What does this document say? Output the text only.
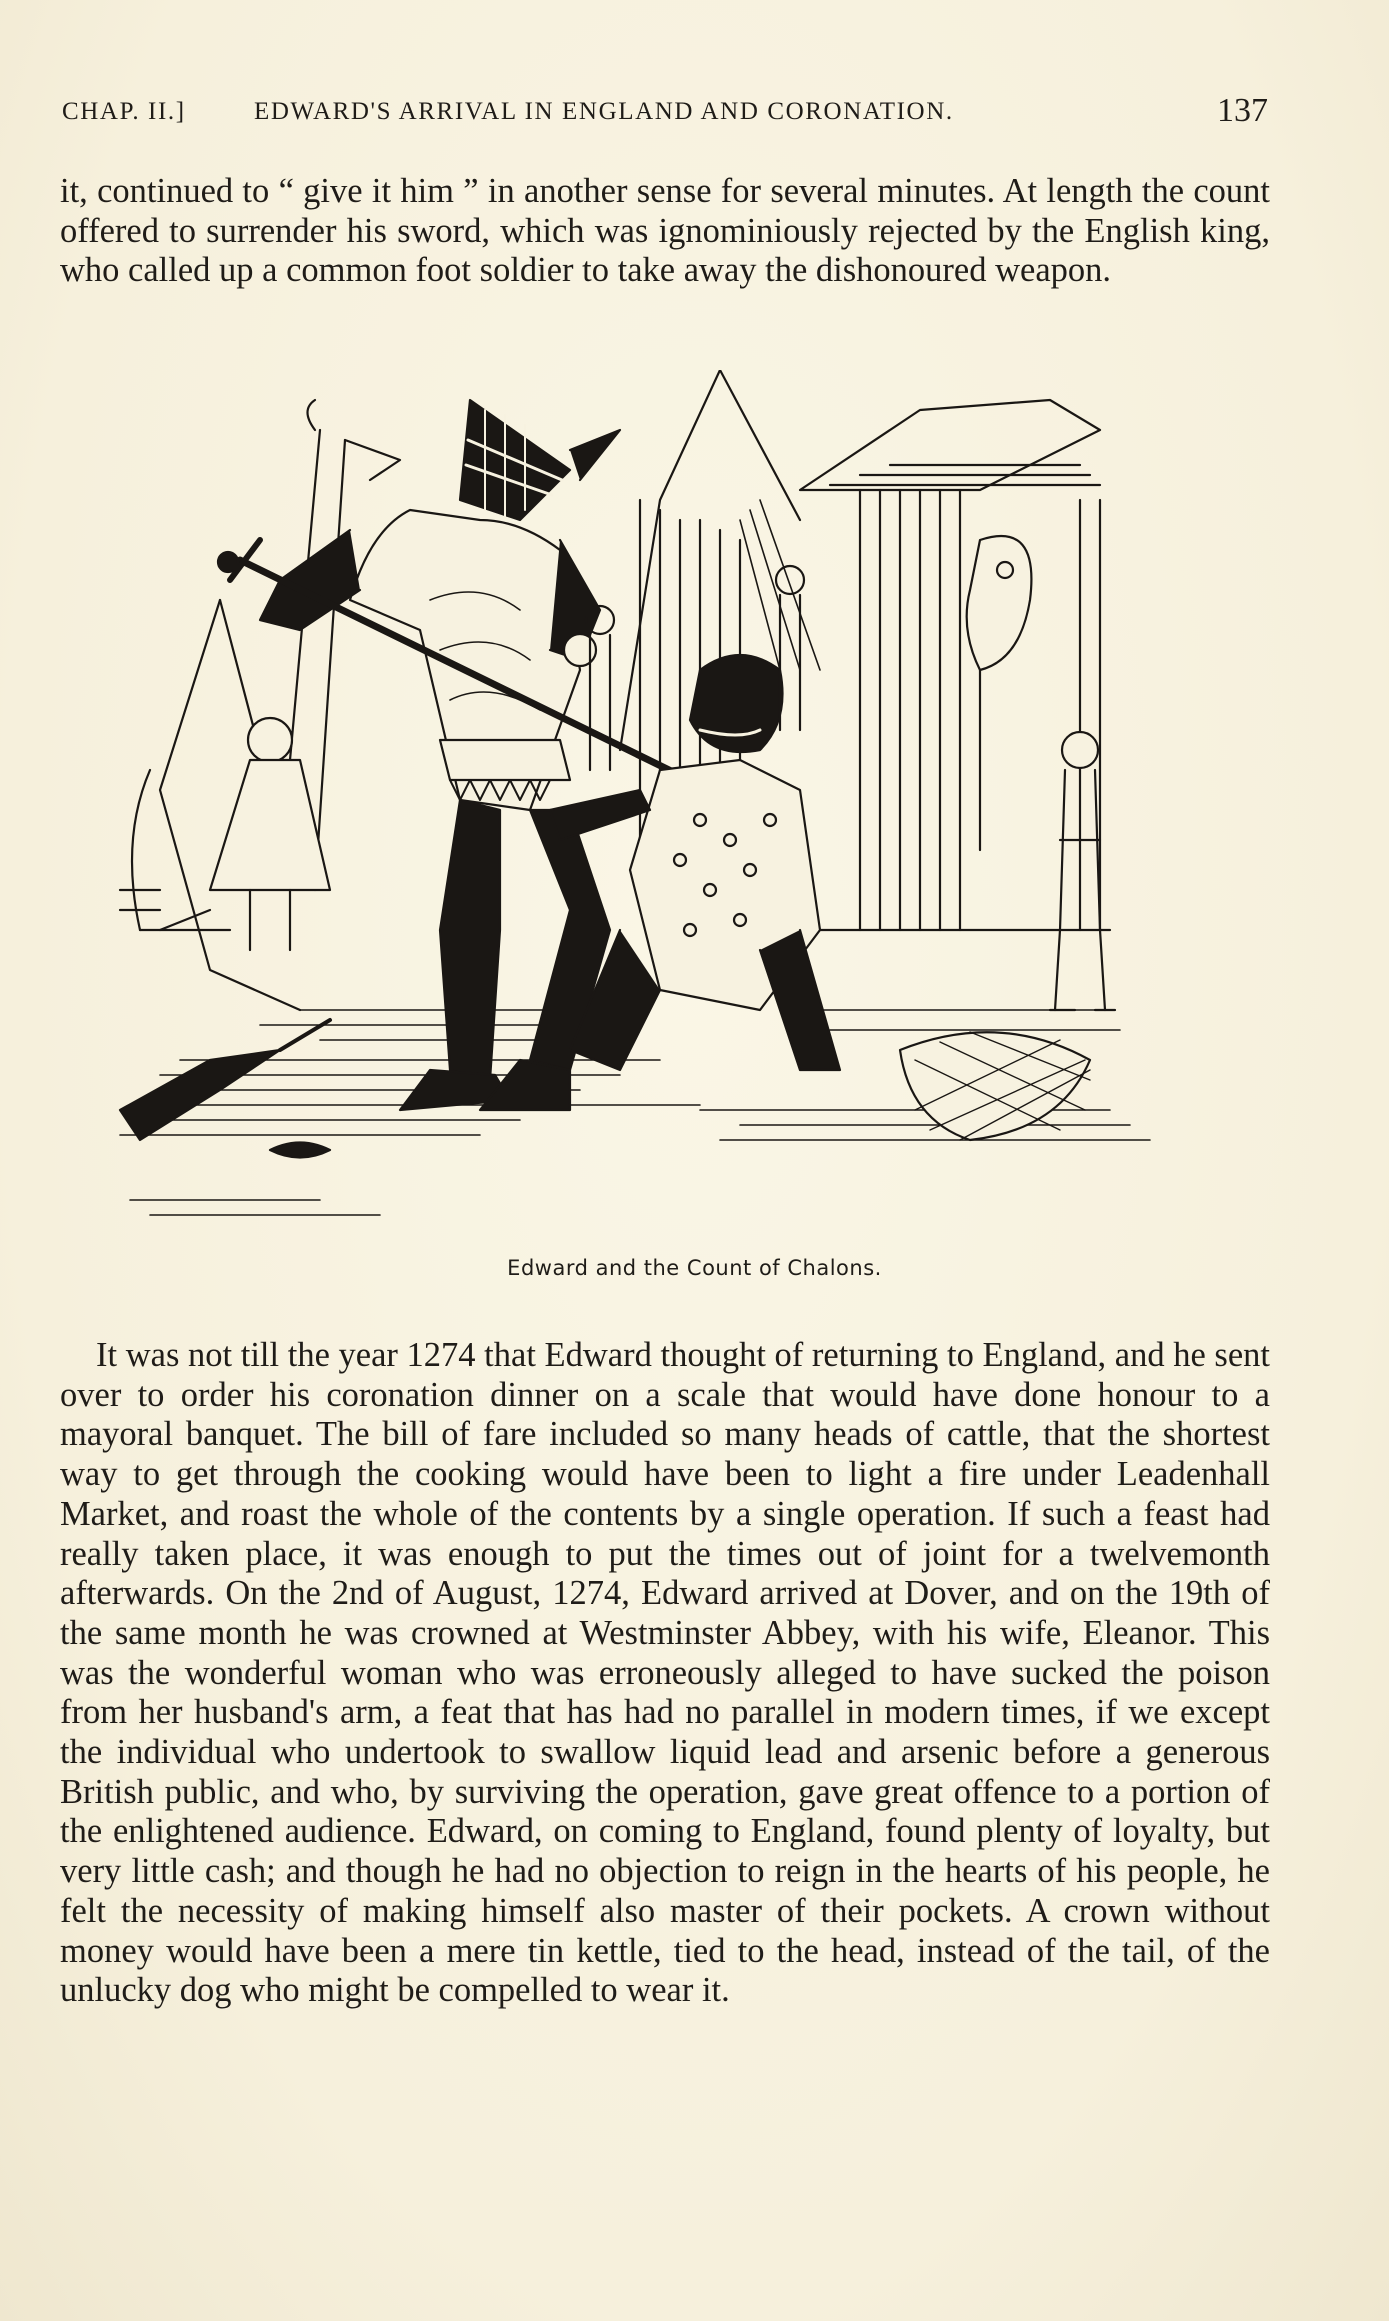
CHAP. II.]	EDWARD'S ARRIVAL IN ENGLAND AND CORONATION.	137

it, continued to “ give it him ” in another sense for several minutes. At length the count offered to surrender his sword, which was ignominiously rejected by the English king, who called up a common foot soldier to take away the dishonoured weapon.

Edward and the Count of Chalons.

It was not till the year 1274 that Edward thought of returning to England, and he sent over to order his coronation dinner on a scale that would have done honour to a mayoral banquet. The bill of fare included so many heads of cattle, that the shortest way to get through the cooking would have been to light a fire under Leadenhall Market, and roast the whole of the contents by a single operation. If such a feast had really taken place, it was enough to put the times out of joint for a twelvemonth afterwards. On the 2nd of August, 1274, Edward arrived at Dover, and on the 19th of the same month he was crowned at Westminster Abbey, with his wife, Eleanor. This was the wonderful woman who was erroneously alleged to have sucked the poison from her husband's arm, a feat that has had no parallel in modern times, if we except the individual who undertook to swallow liquid lead and arsenic before a generous British public, and who, by surviving the operation, gave great offence to a portion of the enlightened audience. Edward, on coming to England, found plenty of loyalty, but very little cash; and though he had no objection to reign in the hearts of his people, he felt the necessity of making himself also master of their pockets. A crown without money would have been a mere tin kettle, tied to the head, instead of the tail, of the unlucky dog who might be compelled to wear it.
